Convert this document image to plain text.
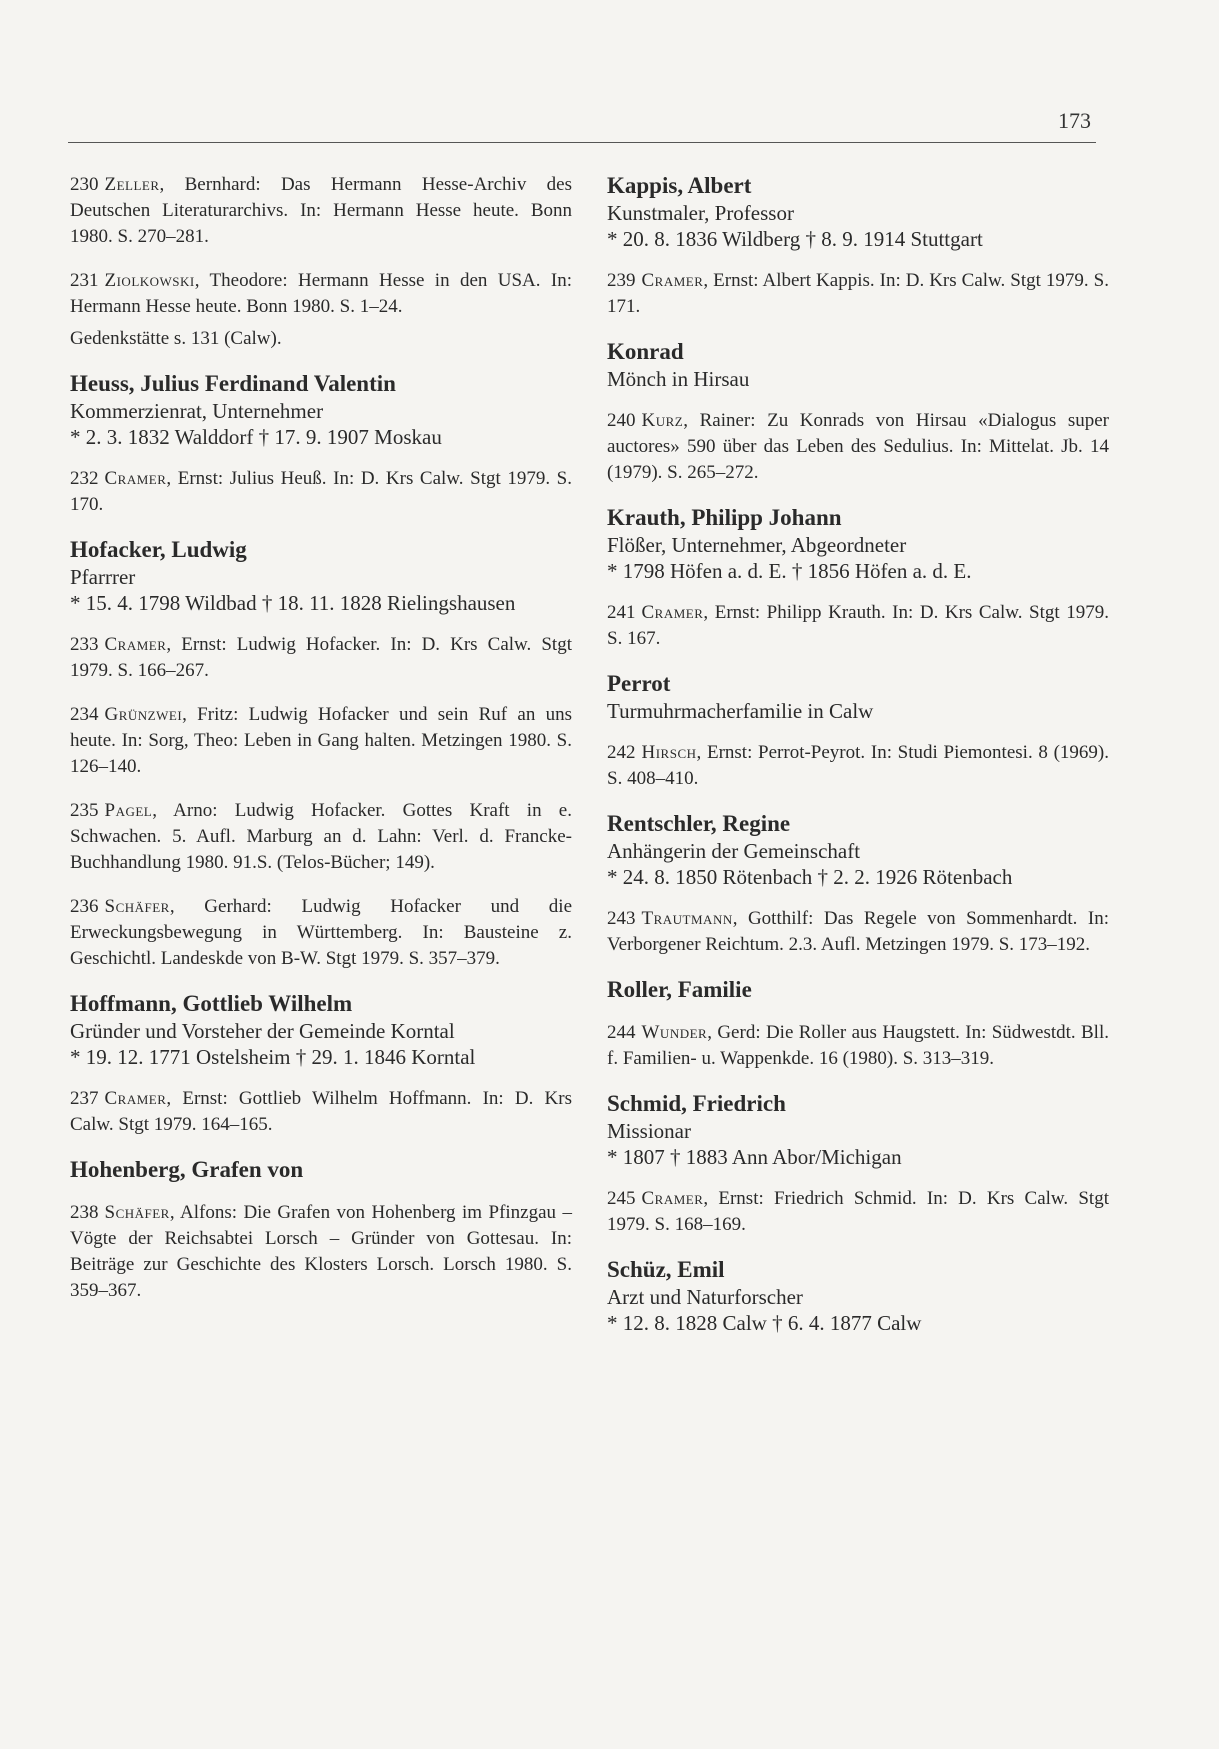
173
230 Zeller, Bernhard: Das Hermann Hesse-Archiv des Deutschen Literaturarchivs. In: Hermann Hesse heute. Bonn 1980. S. 270–281.
231 Ziolkowski, Theodore: Hermann Hesse in den USA. In: Hermann Hesse heute. Bonn 1980. S. 1–24.
Gedenkstätte s. 131 (Calw).
Heuss, Julius Ferdinand Valentin
Kommerzienrat, Unternehmer
* 2. 3. 1832 Walddorf † 17. 9. 1907 Moskau
232 Cramer, Ernst: Julius Heuß. In: D. Krs Calw. Stgt 1979. S. 170.
Hofacker, Ludwig
Pfarrrer
* 15. 4. 1798 Wildbad † 18. 11. 1828 Rielingshausen
233 Cramer, Ernst: Ludwig Hofacker. In: D. Krs Calw. Stgt 1979. S. 166–267.
234 Grünzwei, Fritz: Ludwig Hofacker und sein Ruf an uns heute. In: Sorg, Theo: Leben in Gang halten. Metzingen 1980. S. 126–140.
235 Pagel, Arno: Ludwig Hofacker. Gottes Kraft in e. Schwachen. 5. Aufl. Marburg an d. Lahn: Verl. d. Francke-Buchhandlung 1980. 91.S. (Telos-Bücher; 149).
236 Schäfer, Gerhard: Ludwig Hofacker und die Erweckungsbewegung in Württemberg. In: Bausteine z. Geschichtl. Landeskde von B-W. Stgt 1979. S. 357–379.
Hoffmann, Gottlieb Wilhelm
Gründer und Vorsteher der Gemeinde Korntal
* 19. 12. 1771 Ostelsheim † 29. 1. 1846 Korntal
237 Cramer, Ernst: Gottlieb Wilhelm Hoffmann. In: D. Krs Calw. Stgt 1979. 164–165.
Hohenberg, Grafen von
238 Schäfer, Alfons: Die Grafen von Hohenberg im Pfinzgau – Vögte der Reichsabtei Lorsch – Gründer von Gottesau. In: Beiträge zur Geschichte des Klosters Lorsch. Lorsch 1980. S. 359–367.
Kappis, Albert
Kunstmaler, Professor
* 20. 8. 1836 Wildberg † 8. 9. 1914 Stuttgart
239 Cramer, Ernst: Albert Kappis. In: D. Krs Calw. Stgt 1979. S. 171.
Konrad
Mönch in Hirsau
240 Kurz, Rainer: Zu Konrads von Hirsau «Dialogus super auctores» 590 über das Leben des Sedulius. In: Mittelat. Jb. 14 (1979). S. 265–272.
Krauth, Philipp Johann
Flößer, Unternehmer, Abgeordneter
* 1798 Höfen a. d. E. † 1856 Höfen a. d. E.
241 Cramer, Ernst: Philipp Krauth. In: D. Krs Calw. Stgt 1979. S. 167.
Perrot
Turmuhrmacherfamilie in Calw
242 Hirsch, Ernst: Perrot-Peyrot. In: Studi Piemontesi. 8 (1969). S. 408–410.
Rentschler, Regine
Anhängerin der Gemeinschaft
* 24. 8. 1850 Rötenbach † 2. 2. 1926 Rötenbach
243 Trautmann, Gotthilf: Das Regele von Sommenhardt. In: Verborgener Reichtum. 2.3. Aufl. Metzingen 1979. S. 173–192.
Roller, Familie
244 Wunder, Gerd: Die Roller aus Haugstett. In: Südwestdt. Bll. f. Familien- u. Wappenkde. 16 (1980). S. 313–319.
Schmid, Friedrich
Missionar
* 1807 † 1883 Ann Abor/Michigan
245 Cramer, Ernst: Friedrich Schmid. In: D. Krs Calw. Stgt 1979. S. 168–169.
Schüz, Emil
Arzt und Naturforscher
* 12. 8. 1828 Calw † 6. 4. 1877 Calw
